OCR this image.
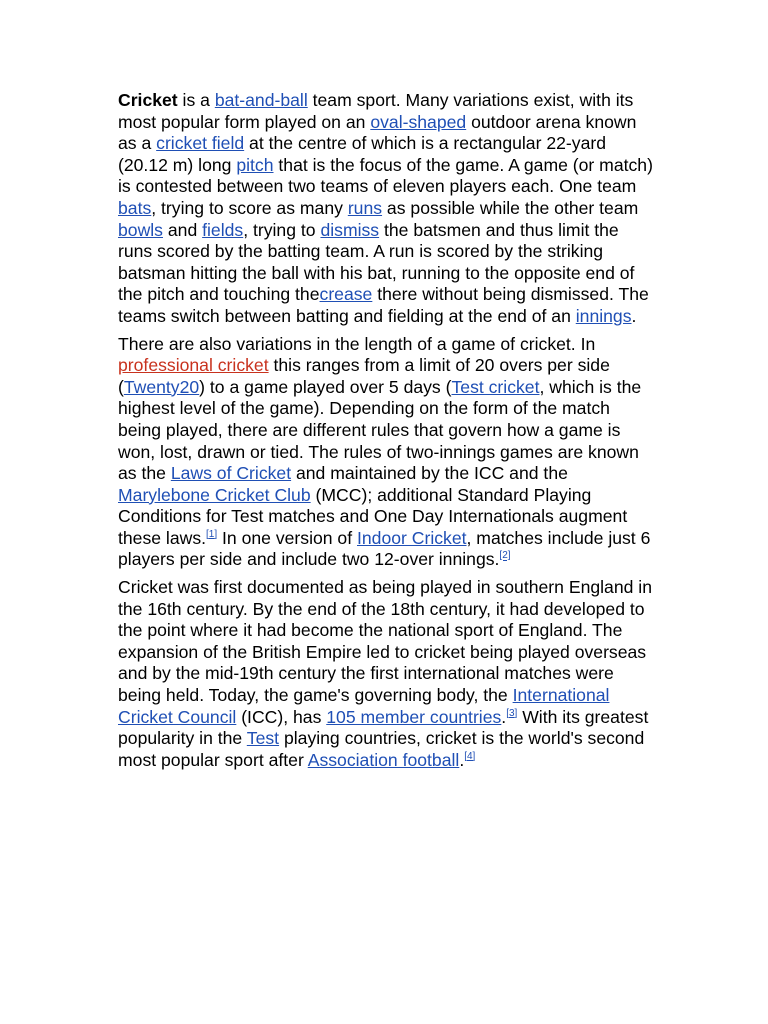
Cricket is a bat-and-ball team sport. Many variations exist, with its most popular form played on an oval-shaped outdoor arena known as a cricket field at the centre of which is a rectangular 22-yard (20.12 m) long pitch that is the focus of the game. A game (or match) is contested between two teams of eleven players each. One team bats, trying to score as many runs as possible while the other team bowls and fields, trying to dismiss the batsmen and thus limit the runs scored by the batting team. A run is scored by the striking batsman hitting the ball with his bat, running to the opposite end of the pitch and touching thecrease there without being dismissed. The teams switch between batting and fielding at the end of an innings.

There are also variations in the length of a game of cricket. In professional cricket this ranges from a limit of 20 overs per side (Twenty20) to a game played over 5 days (Test cricket, which is the highest level of the game). Depending on the form of the match being played, there are different rules that govern how a game is won, lost, drawn or tied. The rules of two-innings games are known as the Laws of Cricket and maintained by the ICC and the Marylebone Cricket Club (MCC); additional Standard Playing Conditions for Test matches and One Day Internationals augment these laws.[1] In one version of Indoor Cricket, matches include just 6 players per side and include two 12-over innings.[2]

Cricket was first documented as being played in southern England in the 16th century. By the end of the 18th century, it had developed to the point where it had become the national sport of England. The expansion of the British Empire led to cricket being played overseas and by the mid-19th century the first international matches were being held. Today, the game's governing body, the International Cricket Council (ICC), has 105 member countries.[3] With its greatest popularity in the Test playing countries, cricket is the world's second most popular sport after Association football.[4]
